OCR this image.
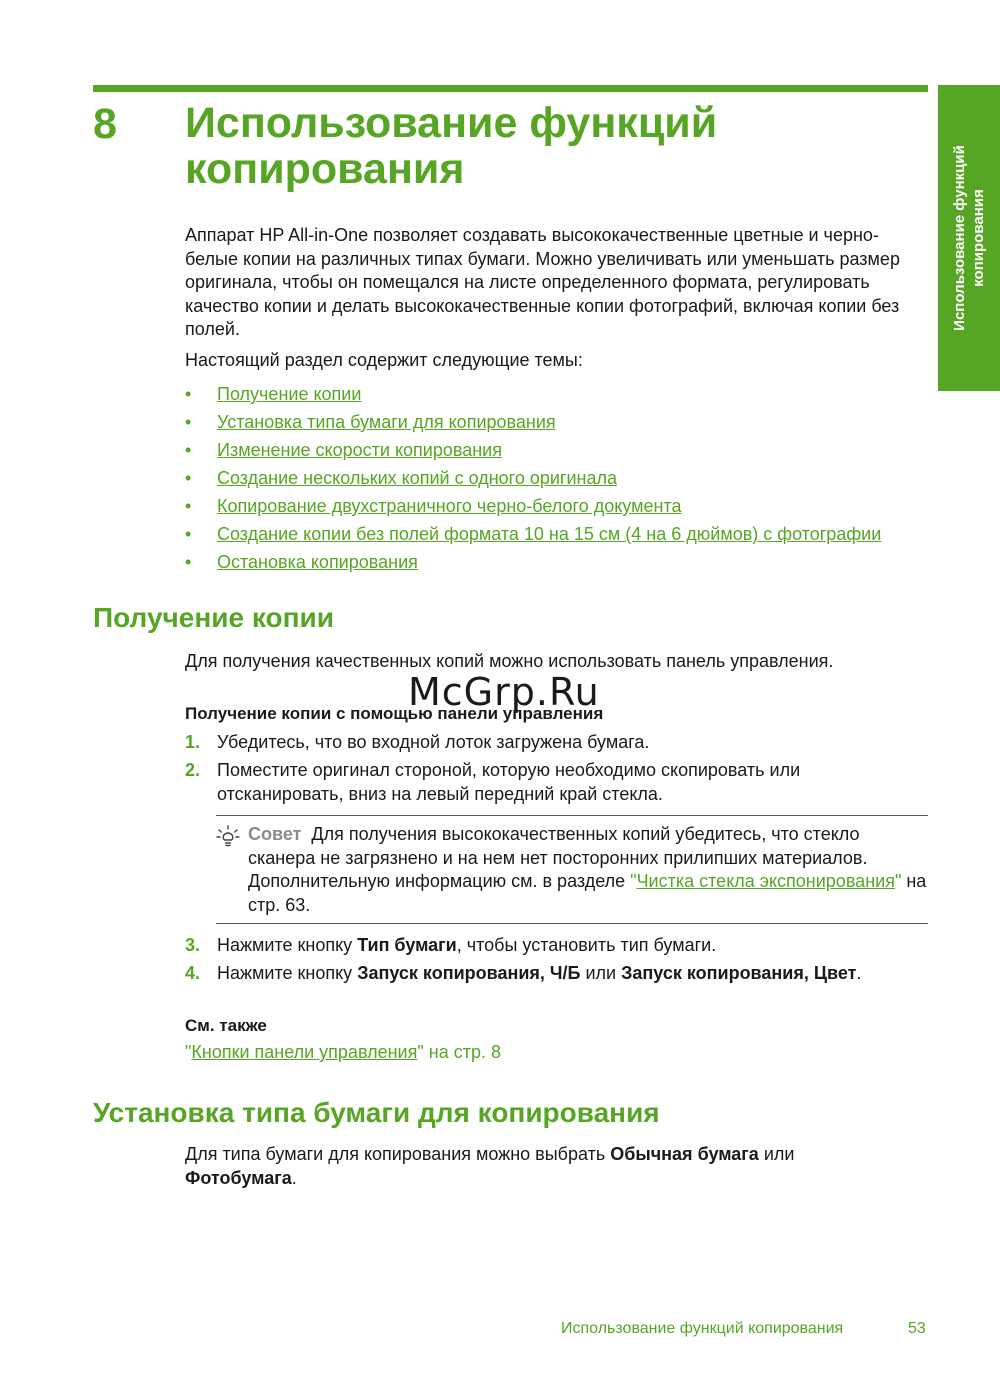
Использование функций копирования
8 Использование функций
копирования
Аппарат HP All-in-One позволяет создавать высококачественные цветные и черно-белые копии на различных типах бумаги. Можно увеличивать или уменьшать размер оригинала, чтобы он помещался на листе определенного формата, регулировать качество копии и делать высококачественные копии фотографий, включая копии без полей.
Настоящий раздел содержит следующие темы:
• Получение копии
• Установка типа бумаги для копирования
• Изменение скорости копирования
• Создание нескольких копий с одного оригинала
• Копирование двухстраничного черно-белого документа
• Создание копии без полей формата 10 на 15 см (4 на 6 дюймов) с фотографии
• Остановка копирования
Получение копии
Для получения качественных копий можно использовать панель управления.
Получение копии с помощью панели управления
1. Убедитесь, что во входной лоток загружена бумага.
2. Поместите оригинал стороной, которую необходимо скопировать или отсканировать, вниз на левый передний край стекла.
Совет Для получения высококачественных копий убедитесь, что стекло сканера не загрязнено и на нем нет посторонних прилипших материалов. Дополнительную информацию см. в разделе "Чистка стекла экспонирования" на стр. 63.
3. Нажмите кнопку Тип бумаги, чтобы установить тип бумаги.
4. Нажмите кнопку Запуск копирования, Ч/Б или Запуск копирования, Цвет.
См. также
"Кнопки панели управления" на стр. 8
Установка типа бумаги для копирования
Для типа бумаги для копирования можно выбрать Обычная бумага или
Фотобумага.
McGrp.Ru
Использование функций копирования	53
